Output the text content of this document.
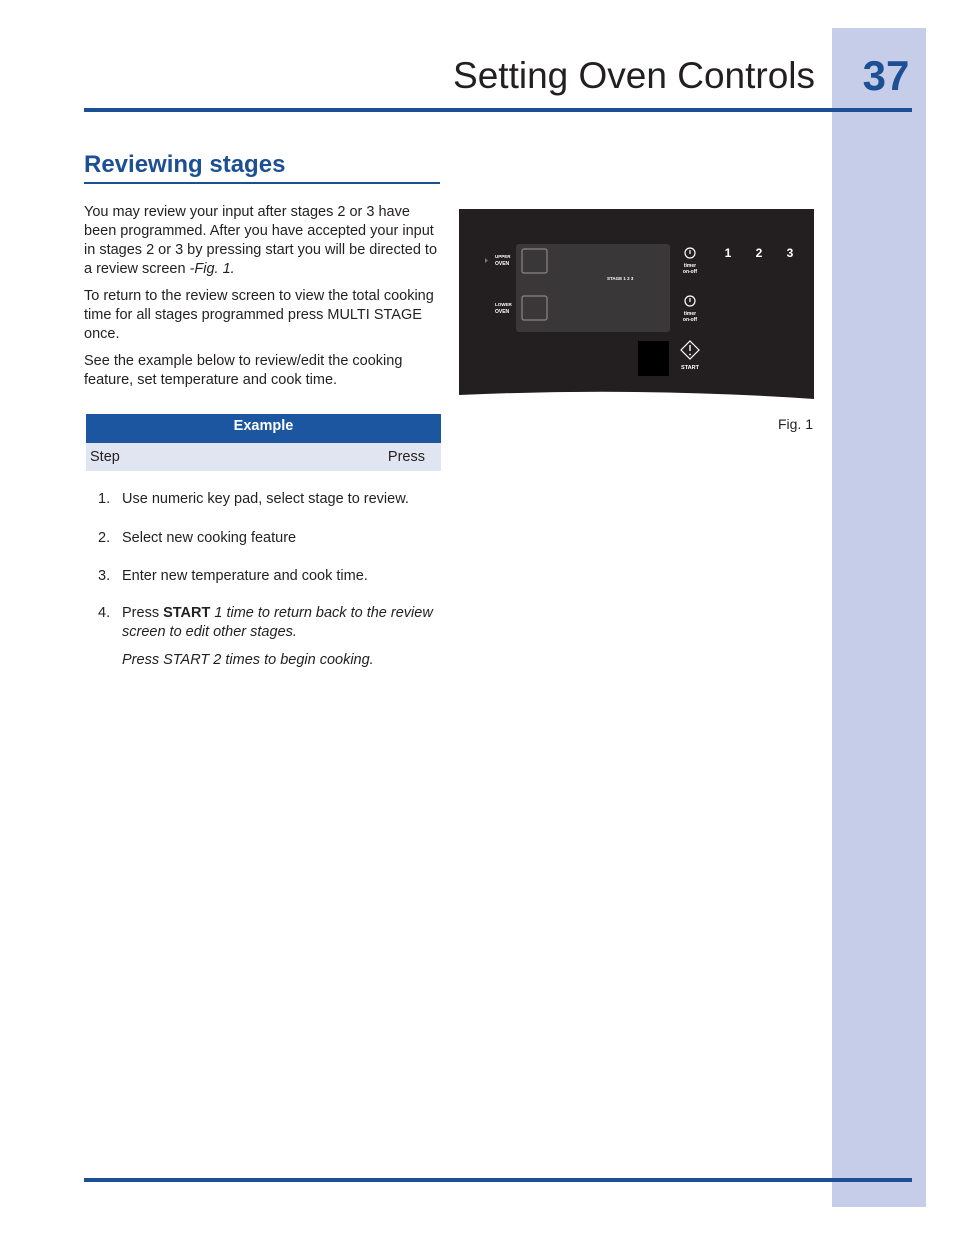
37
Setting Oven Controls
Reviewing stages

You may review your input after stages 2 or 3 have been programmed. After you have accepted your input in stages 2 or 3 by pressing start you will be directed to a review screen -Fig. 1.

To return to the review screen to view the total cooking time for all stages programmed press MULTI STAGE once.

See the example below to review/edit the cooking feature, set temperature and cook time.

Example
Step	Press
1. Use numeric key pad, select stage to review.
2. Select new cooking feature
3. Enter new temperature and cook time.
4. Press START 1 time to return back to the review screen to edit other stages.
Press START 2 times to begin cooking.
STAGE 1 2 3
UPPER
OVEN
LOWER
OVEN
timer
on-off
timer
on-off
1 2 3
START
Fig. 1
